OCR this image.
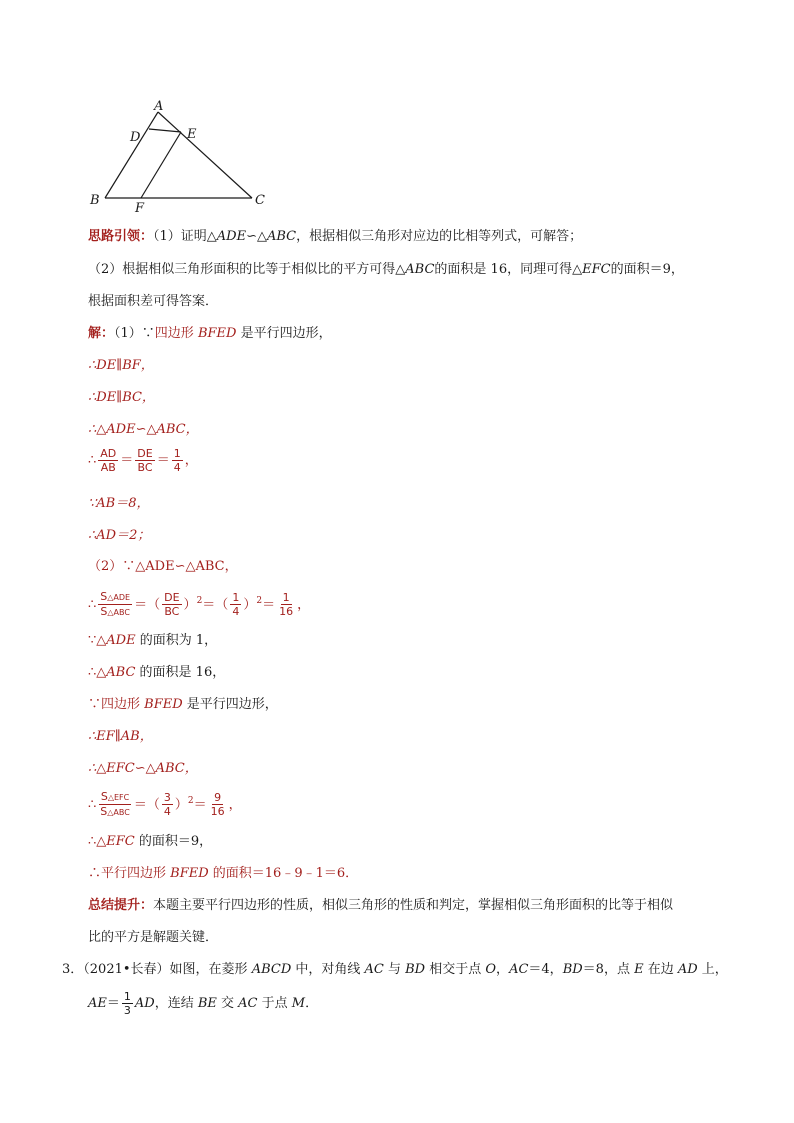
A
D	E
B
F
C
思路引领：（1）证明△ADE∽△ABC，根据相似三角形对应边的比相等列式，可解答；
（2）根据相似三角形面积的比等于相似比的平方可得△ABC的面积是 16，同理可得△EFC的面积＝9，
根据面积差可得答案．
解：（1）∵四边形 BFED 是平行四边形，
∴DE∥BF，
∴DE∥BC，
∴△ADE∽△ABC，
∴ $\frac{AD}{AB} = \frac{DE}{BC} = \frac{1}{4}$ ，
∵AB＝8，
∴AD＝2；
（2）∵△ADE∽△ABC，
∴ $\frac{\text{S△ADE}}{\text{S△ABC}}$ ＝（ $\frac{DE}{BC} )^2=( \frac{1}{4} )^2= \frac{1}{16}$ ，
∵△ADE 的面积为 1，
∴△ABC 的面积是 16，
∵四边形 BFED 是平行四边形，
∴EF∥AB，
∴△EFC∽△ABC，
∴ $\frac{\text{S△EFC}}{\text{S△ABC}}$ ＝（ $\frac{3}{4} )^2= \frac{9}{16}$ ，
∴△EFC 的面积＝9，
∴平行四边形 BFED 的面积＝16﹣9﹣1＝6．
总结提升：本题主要平行四边形的性质，相似三角形的性质和判定，掌握相似三角形面积的比等于相似
比的平方是解题关键．
3．（2021•长春）如图，在菱形 ABCD 中，对角线 AC 与 BD 相交于点 O，AC＝4，BD＝8，点 E 在边 AD 上，
$AE= \frac{1}{3}$ AD，连结 BE 交 AC 于点 M．
